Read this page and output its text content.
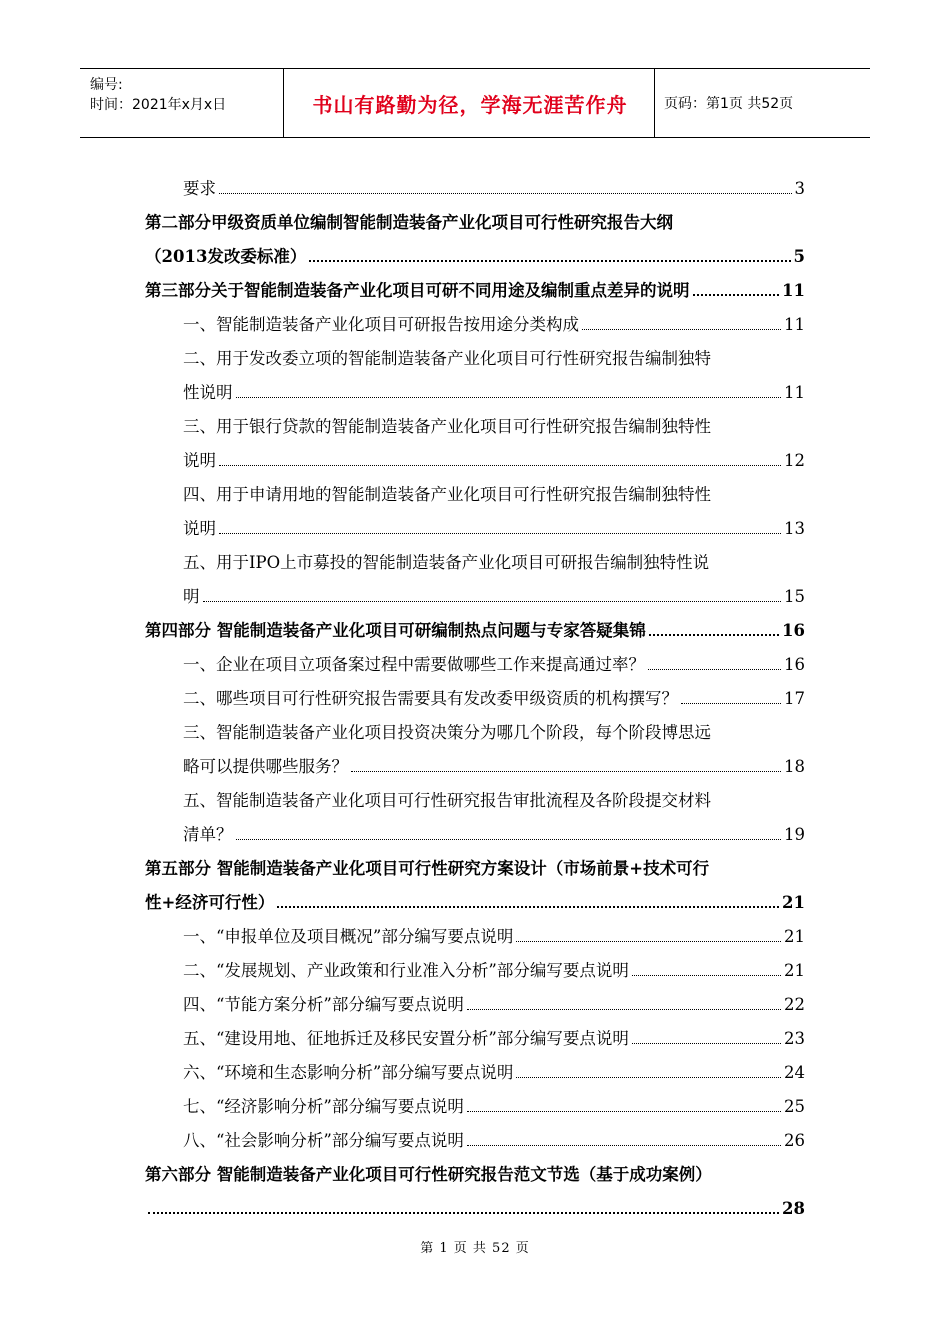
编号:
时间：2021年x月x日	书山有路勤为径，学海无涯苦作舟	页码：第1页 共52页
要求	3
第二部分甲级资质单位编制智能制造装备产业化项目可行性研究报告大纲
（2013发改委标准）	5
第三部分关于智能制造装备产业化项目可研不同用途及编制重点差异的说明	11
一、智能制造装备产业化项目可研报告按用途分类构成	11
二、用于发改委立项的智能制造装备产业化项目可行性研究报告编制独特
性说明	11
三、用于银行贷款的智能制造装备产业化项目可行性研究报告编制独特性
说明	12
四、用于申请用地的智能制造装备产业化项目可行性研究报告编制独特性
说明	13
五、用于IPO上市募投的智能制造装备产业化项目可研报告编制独特性说
明	15
第四部分 智能制造装备产业化项目可研编制热点问题与专家答疑集锦	16
一、企业在项目立项备案过程中需要做哪些工作来提高通过率？	16
二、哪些项目可行性研究报告需要具有发改委甲级资质的机构撰写？	17
三、智能制造装备产业化项目投资决策分为哪几个阶段，每个阶段博思远
略可以提供哪些服务？	18
五、智能制造装备产业化项目可行性研究报告审批流程及各阶段提交材料
清单？	19
第五部分 智能制造装备产业化项目可行性研究方案设计（市场前景+技术可行
性+经济可行性）	21
一、“申报单位及项目概况”部分编写要点说明	21
二、“发展规划、产业政策和行业准入分析”部分编写要点说明	21
四、“节能方案分析”部分编写要点说明	22
五、“建设用地、征地拆迁及移民安置分析”部分编写要点说明	23
六、“环境和生态影响分析”部分编写要点说明	24
七、“经济影响分析”部分编写要点说明	25
八、“社会影响分析”部分编写要点说明	26
第六部分 智能制造装备产业化项目可行性研究报告范文节选（基于成功案例）
28
第 1 页 共 52 页
